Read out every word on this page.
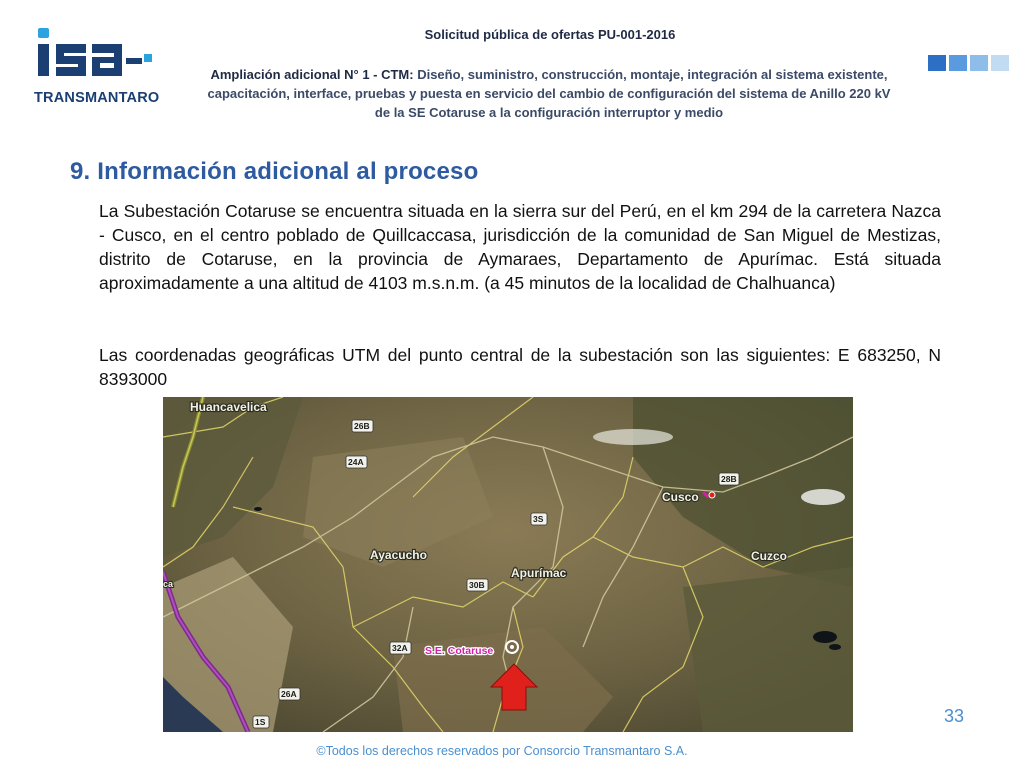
TRANSMANTARO
Solicitud pública de ofertas PU-001-2016
Ampliación adicional N° 1 - CTM: Diseño, suministro, construcción, montaje, integración al sistema existente, capacitación, interface, pruebas y puesta en servicio del cambio de configuración del sistema de Anillo 220 kV de la SE Cotaruse a la configuración interruptor y medio
9. Información adicional al proceso

La Subestación Cotaruse se encuentra situada en la sierra sur del Perú, en el km 294 de la carretera Nazca - Cusco, en el centro poblado de Quillcaccasa, jurisdicción de la comunidad de San Miguel de Mestizas, distrito de Cotaruse, en la provincia de Aymaraes, Departamento de Apurímac. Está situada aproximadamente a una altitud de 4103 m.s.n.m. (a 45 minutos de la localidad de Chalhuanca)

Las coordenadas geográficas UTM del punto central de la subestación son las siguientes: E 683250, N 8393000

Huancavelica
Cusco
Ayacucho
Apurímac
Cuzco
ca
26B
24A
28B
3S
30B
32A
26A
1S
S.E. Cotaruse
33
©Todos los derechos reservados por Consorcio Transmantaro S.A.
